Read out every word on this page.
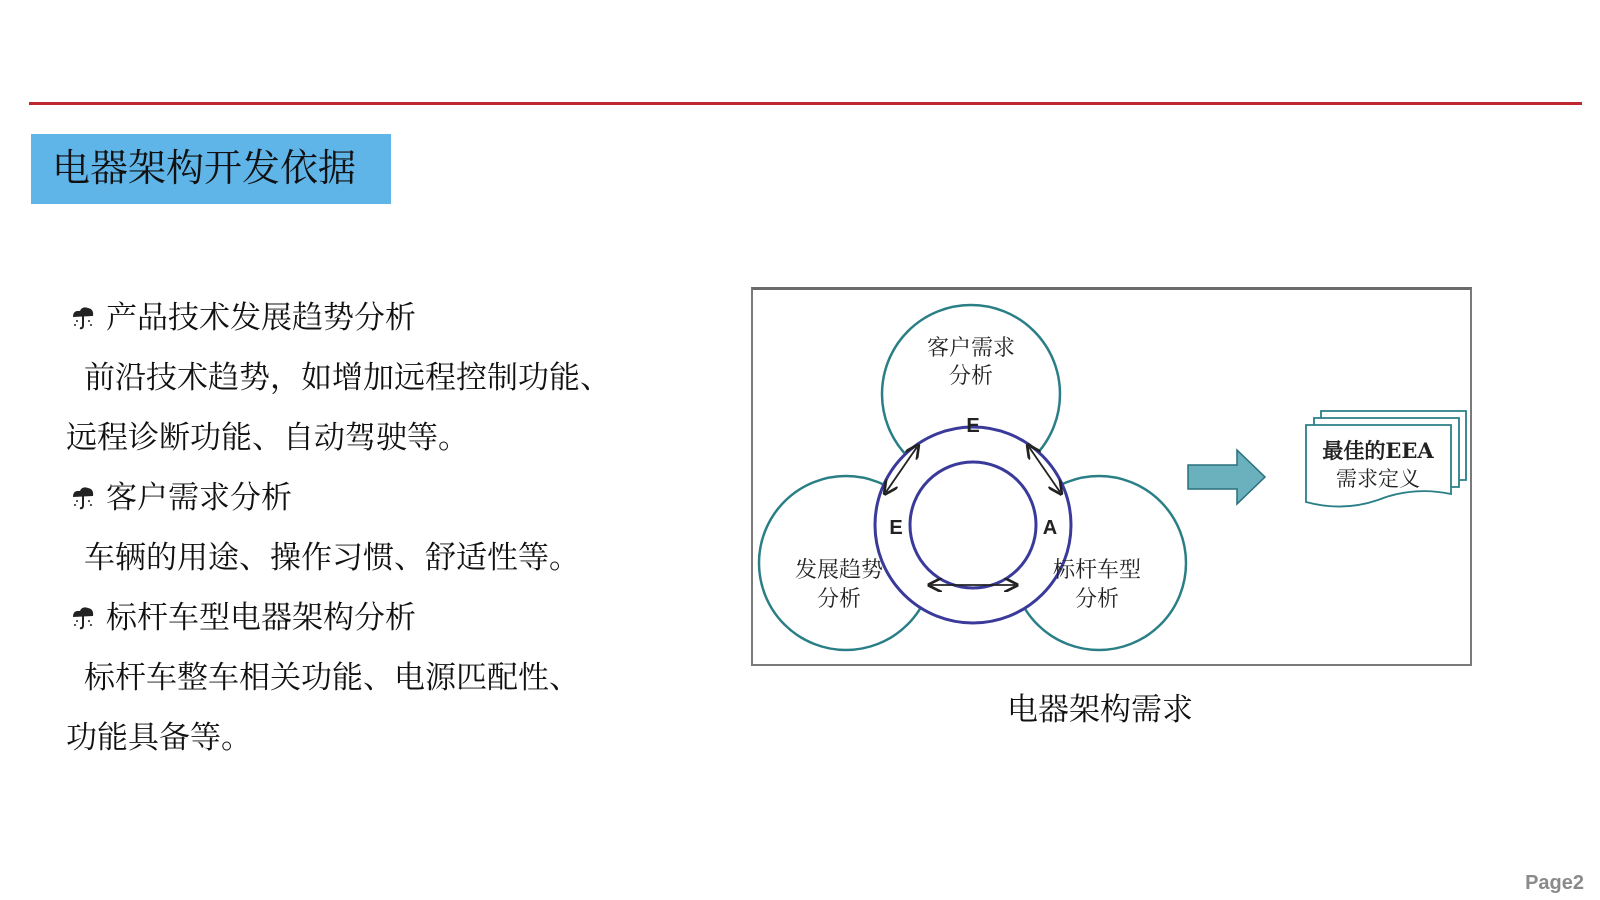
电器架构开发依据
产品技术发展趋势分析
前沿技术趋势，如增加远程控制功能、
远程诊断功能、自动驾驶等。
客户需求分析
车辆的用途、操作习惯、舒适性等。
标杆车型电器架构分析
标杆车整车相关功能、电源匹配性、
功能具备等。
E
E	A
客户需求
分析
发展趋势
分析
标杆车型
分析
最佳的EEA
需求定义
电器架构需求
Page2
